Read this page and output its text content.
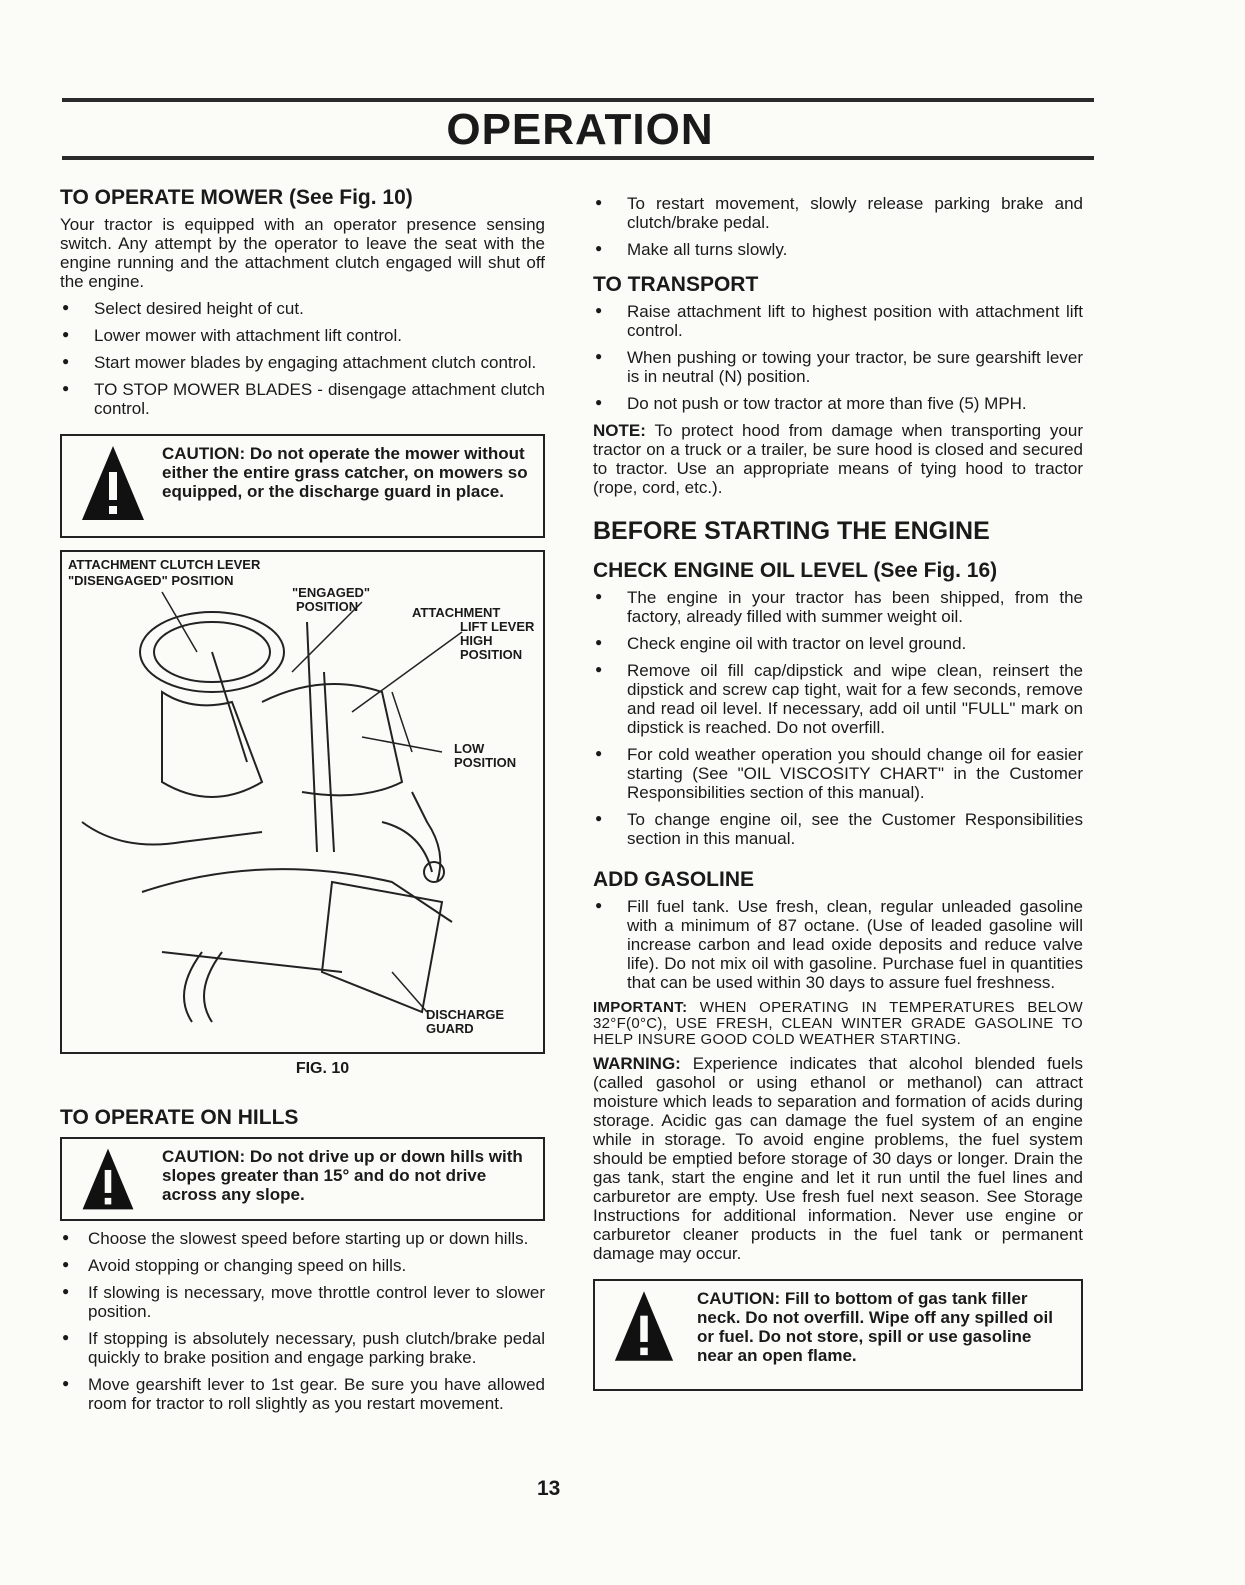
OPERATION
TO OPERATE MOWER (See Fig. 10)

Your tractor is equipped with an operator presence sensing switch. Any attempt by the operator to leave the seat with the engine running and the attachment clutch engaged will shut off the engine.

● Select desired height of cut.
● Lower mower with attachment lift control.
● Start mower blades by engaging attachment clutch control.
● TO STOP MOWER BLADES - disengage attachment clutch control.
CAUTION: Do not operate the mower without either the entire grass catcher, on mowers so equipped, or the discharge guard in place.
ATTACHMENT CLUTCH LEVER
"DISENGAGED" POSITION
"ENGAGED"
POSITION	ATTACHMENT
LIFT LEVER
HIGH POSITION
LOW
POSITION
DISCHARGE
GUARD
FIG. 10
TO OPERATE ON HILLS
CAUTION: Do not drive up or down hills with slopes greater than 15° and do not drive across any slope.
● Choose the slowest speed before starting up or down hills.
● Avoid stopping or changing speed on hills.
● If slowing is necessary, move throttle control lever to slower position.
● If stopping is absolutely necessary, push clutch/brake pedal quickly to brake position and engage parking brake.
● Move gearshift lever to 1st gear. Be sure you have allowed room for tractor to roll slightly as you restart movement.
● To restart movement, slowly release parking brake and clutch/brake pedal.
● Make all turns slowly.
TO TRANSPORT
● Raise attachment lift to highest position with attachment lift control.
● When pushing or towing your tractor, be sure gearshift lever is in neutral (N) position.
● Do not push or tow tractor at more than five (5) MPH.

NOTE: To protect hood from damage when transporting your tractor on a truck or a trailer, be sure hood is closed and secured to tractor. Use an appropriate means of tying hood to tractor (rope, cord, etc.).

BEFORE STARTING THE ENGINE
CHECK ENGINE OIL LEVEL (See Fig. 16)
● The engine in your tractor has been shipped, from the factory, already filled with summer weight oil.
● Check engine oil with tractor on level ground.
● Remove oil fill cap/dipstick and wipe clean, reinsert the dipstick and screw cap tight, wait for a few seconds, remove and read oil level. If necessary, add oil until "FULL" mark on dipstick is reached. Do not overfill.
● For cold weather operation you should change oil for easier starting (See "OIL VISCOSITY CHART" in the Customer Responsibilities section of this manual).
● To change engine oil, see the Customer Responsibilities section in this manual.
ADD GASOLINE
● Fill fuel tank. Use fresh, clean, regular unleaded gasoline with a minimum of 87 octane. (Use of leaded gasoline will increase carbon and lead oxide deposits and reduce valve life). Do not mix oil with gasoline. Purchase fuel in quantities that can be used within 30 days to assure fuel freshness.

IMPORTANT: WHEN OPERATING IN TEMPERATURES BELOW 32°F(0°C), USE FRESH, CLEAN WINTER GRADE GASOLINE TO HELP INSURE GOOD COLD WEATHER STARTING.

WARNING: Experience indicates that alcohol blended fuels (called gasohol or using ethanol or methanol) can attract moisture which leads to separation and formation of acids during storage. Acidic gas can damage the fuel system of an engine while in storage. To avoid engine problems, the fuel system should be emptied before storage of 30 days or longer. Drain the gas tank, start the engine and let it run until the fuel lines and carburetor are empty. Use fresh fuel next season. See Storage Instructions for additional information. Never use engine or carburetor cleaner products in the fuel tank or permanent damage may occur.

CAUTION: Fill to bottom of gas tank filler neck. Do not overfill. Wipe off any spilled oil or fuel. Do not store, spill or use gasoline near an open flame.
13
